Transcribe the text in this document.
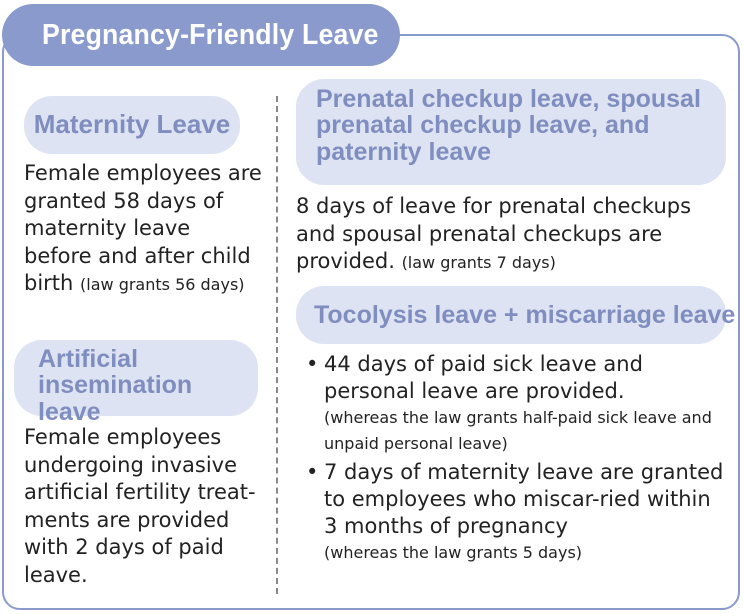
Pregnancy-Friendly Leave
Maternity Leave
Female employees are granted 58 days of maternity leave before and after child birth (law grants 56 days)
Artificial
insemination leave
Female employees undergoing invasive artificial fertility treat-ments are provided with 2 days of paid leave.
Prenatal checkup leave, spousal
prenatal checkup leave, and
paternity leave
8 days of leave for prenatal checkups and spousal prenatal checkups are provided. (law grants 7 days)
Tocolysis leave + miscarriage leave
• 44 days of paid sick leave and personal leave are provided.
(whereas the law grants half-paid sick leave and unpaid personal leave)
• 7 days of maternity leave are granted to employees who miscar-ried within 3 months of pregnancy
(whereas the law grants 5 days)
